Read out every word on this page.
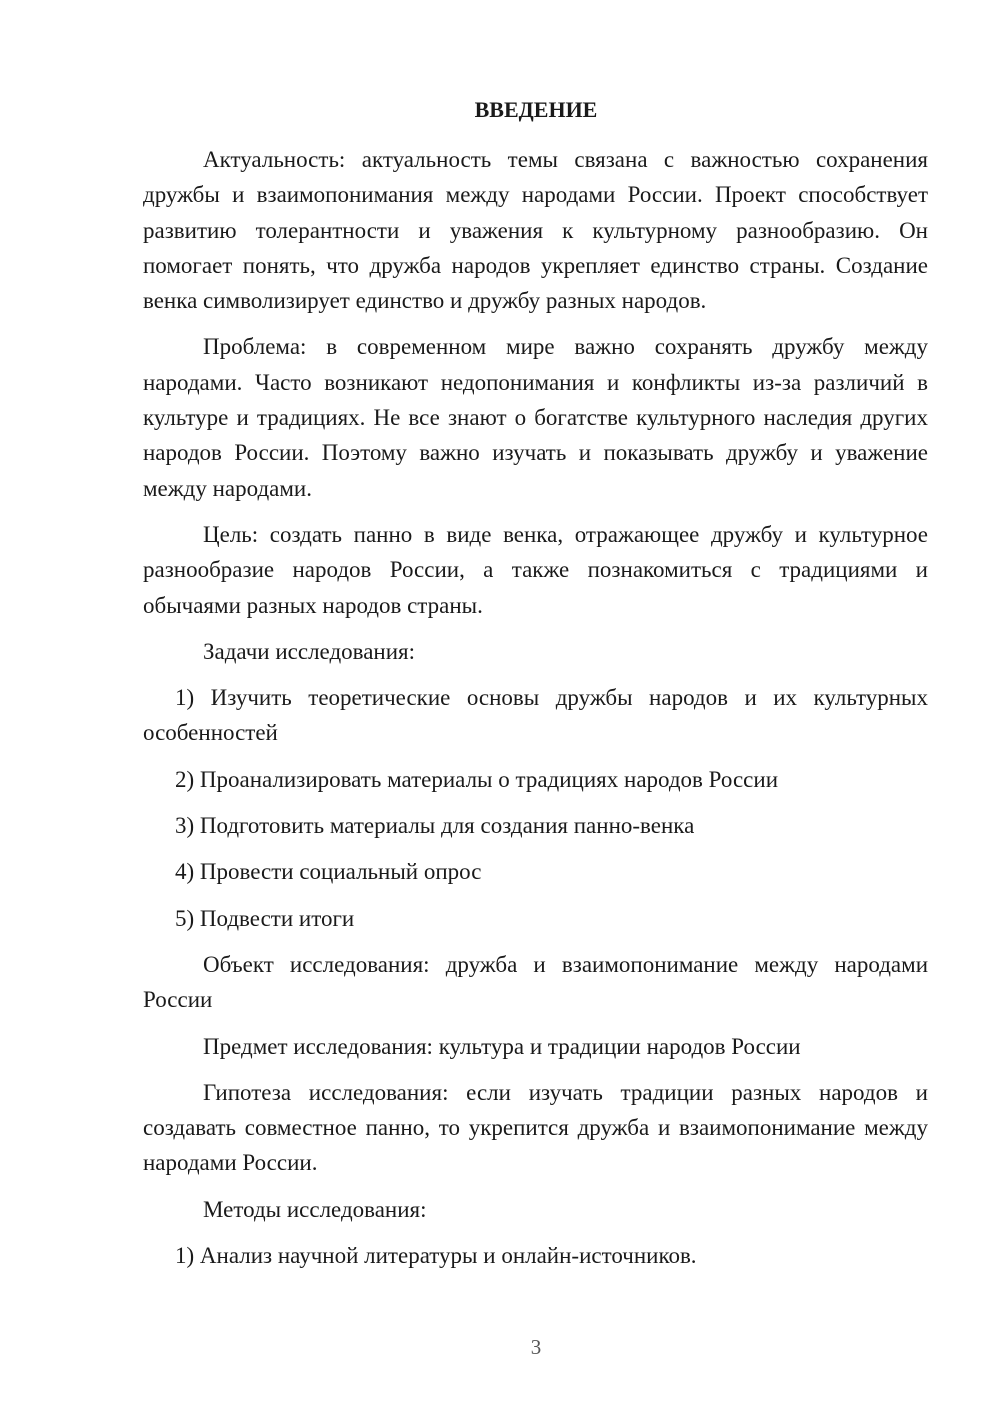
ВВЕДЕНИЕ

Актуальность: актуальность темы связана с важностью сохранения дружбы и взаимопонимания между народами России. Проект способствует развитию толерантности и уважения к культурному разнообразию. Он помогает понять, что дружба народов укрепляет единство страны. Создание венка символизирует единство и дружбу разных народов.

Проблема: в современном мире важно сохранять дружбу между народами. Часто возникают недопонимания и конфликты из-за различий в культуре и традициях. Не все знают о богатстве культурного наследия других народов России. Поэтому важно изучать и показывать дружбу и уважение между народами.

Цель: создать панно в виде венка, отражающее дружбу и культурное разнообразие народов России, а также познакомиться с традициями и обычаями разных народов страны.

Задачи исследования:

1) Изучить теоретические основы дружбы народов и их культурных особенностей

2) Проанализировать материалы о традициях народов России

3) Подготовить материалы для создания панно-венка

4) Провести социальный опрос

5) Подвести итоги

Объект исследования: дружба и взаимопонимание между народами России

Предмет исследования: культура и традиции народов России

Гипотеза исследования: если изучать традиции разных народов и создавать совместное панно, то укрепится дружба и взаимопонимание между народами России.

Методы исследования:

1) Анализ научной литературы и онлайн-источников.

3
